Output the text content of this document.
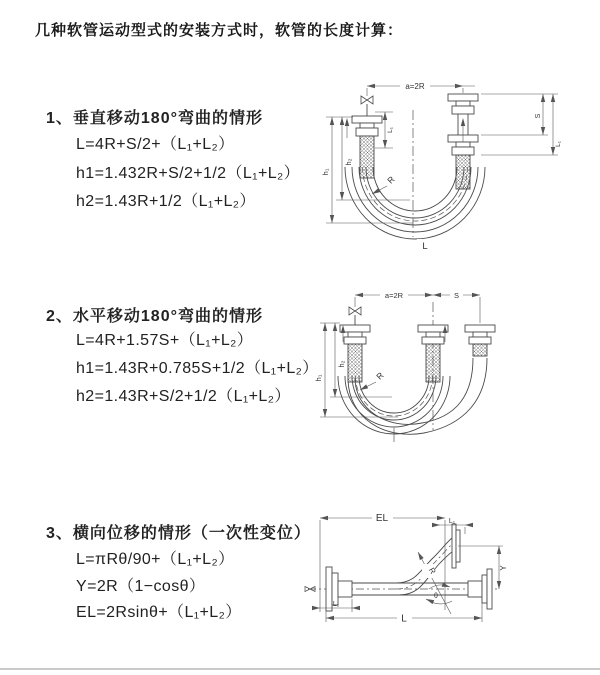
几种软管运动型式的安装方式时，软管的长度计算：
1、垂直移动180°弯曲的情形
L=4R+S/2+（L₁+L₂）
h1=1.432R+S/2+1/2（L₁+L₂）
h2=1.43R+1/2（L₁+L₂）
2、水平移动180°弯曲的情形
L=4R+1.57S+（L₁+L₂）
h1=1.43R+0.785S+1/2（L₁+L₂）
h2=1.43R+S/2+1/2（L₁+L₂）
3、横向位移的情形（一次性变位）
L=πRθ/90+（L₁+L₂）
Y=2R（1−cosθ）
EL=2Rsinθ+（L₁+L₂）
a=2R
h₁
h₂
L₁
S
L₁
R
L
a=2R	S
h₁
h₂
R
EL	L₁
Y
R
θ
L
L₁
